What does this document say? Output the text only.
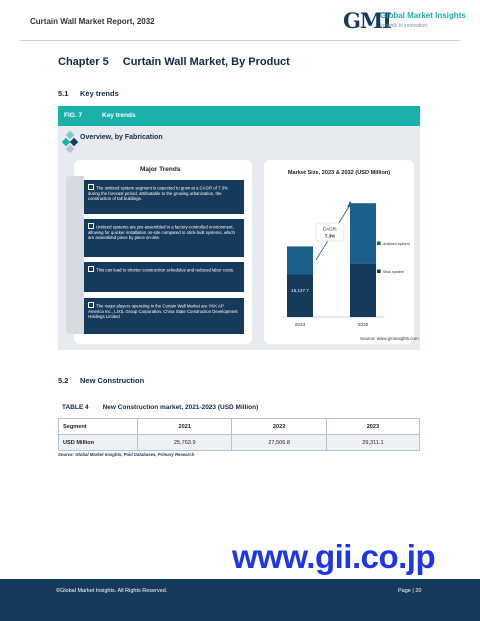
Curtain Wall Market Report, 2032	GMI
Global Market Insights
Insights to innovation
Chapter 5 Curtain Wall Market, By Product
5.1 Key trends
FIG. 7	Key trends
Overview, by Fabrication
Major Trends
The unitized system segment is expected to grow at a CAGR of 7.3% during the forecast period, attributable to the growing urbanization, the construction of tall buildings.
Unitized systems are pre-assembled in a factory-controlled environment, allowing for quicker installation on-site compared to stick-built systems, which are assembled piece by piece on-site.
This can lead to shorter construction schedules and reduced labor costs.
The major players operating in the Curtain Wall Market are YKK AP America Inc., LIXIL Group Corporation, China State Construction Development Holdings Limited
Market Size, 2023 & 2032 (USD Million)
2023	2032
15,127.7
CAGR:
7.3%
Unitized system
Stick system
Source: www.gminsights.com
5.2 New Construction
TABLE 4 New Construction market, 2021-2023 (USD Million)
Segment	2021	2022	2023
USD Million	25,763.9	27,506.8	29,311.1
Source: Global Market Insights, Paid Databases, Primary Research
www.gii.co.jp
©Global Market Insights. All Rights Reserved.	Page | 20
